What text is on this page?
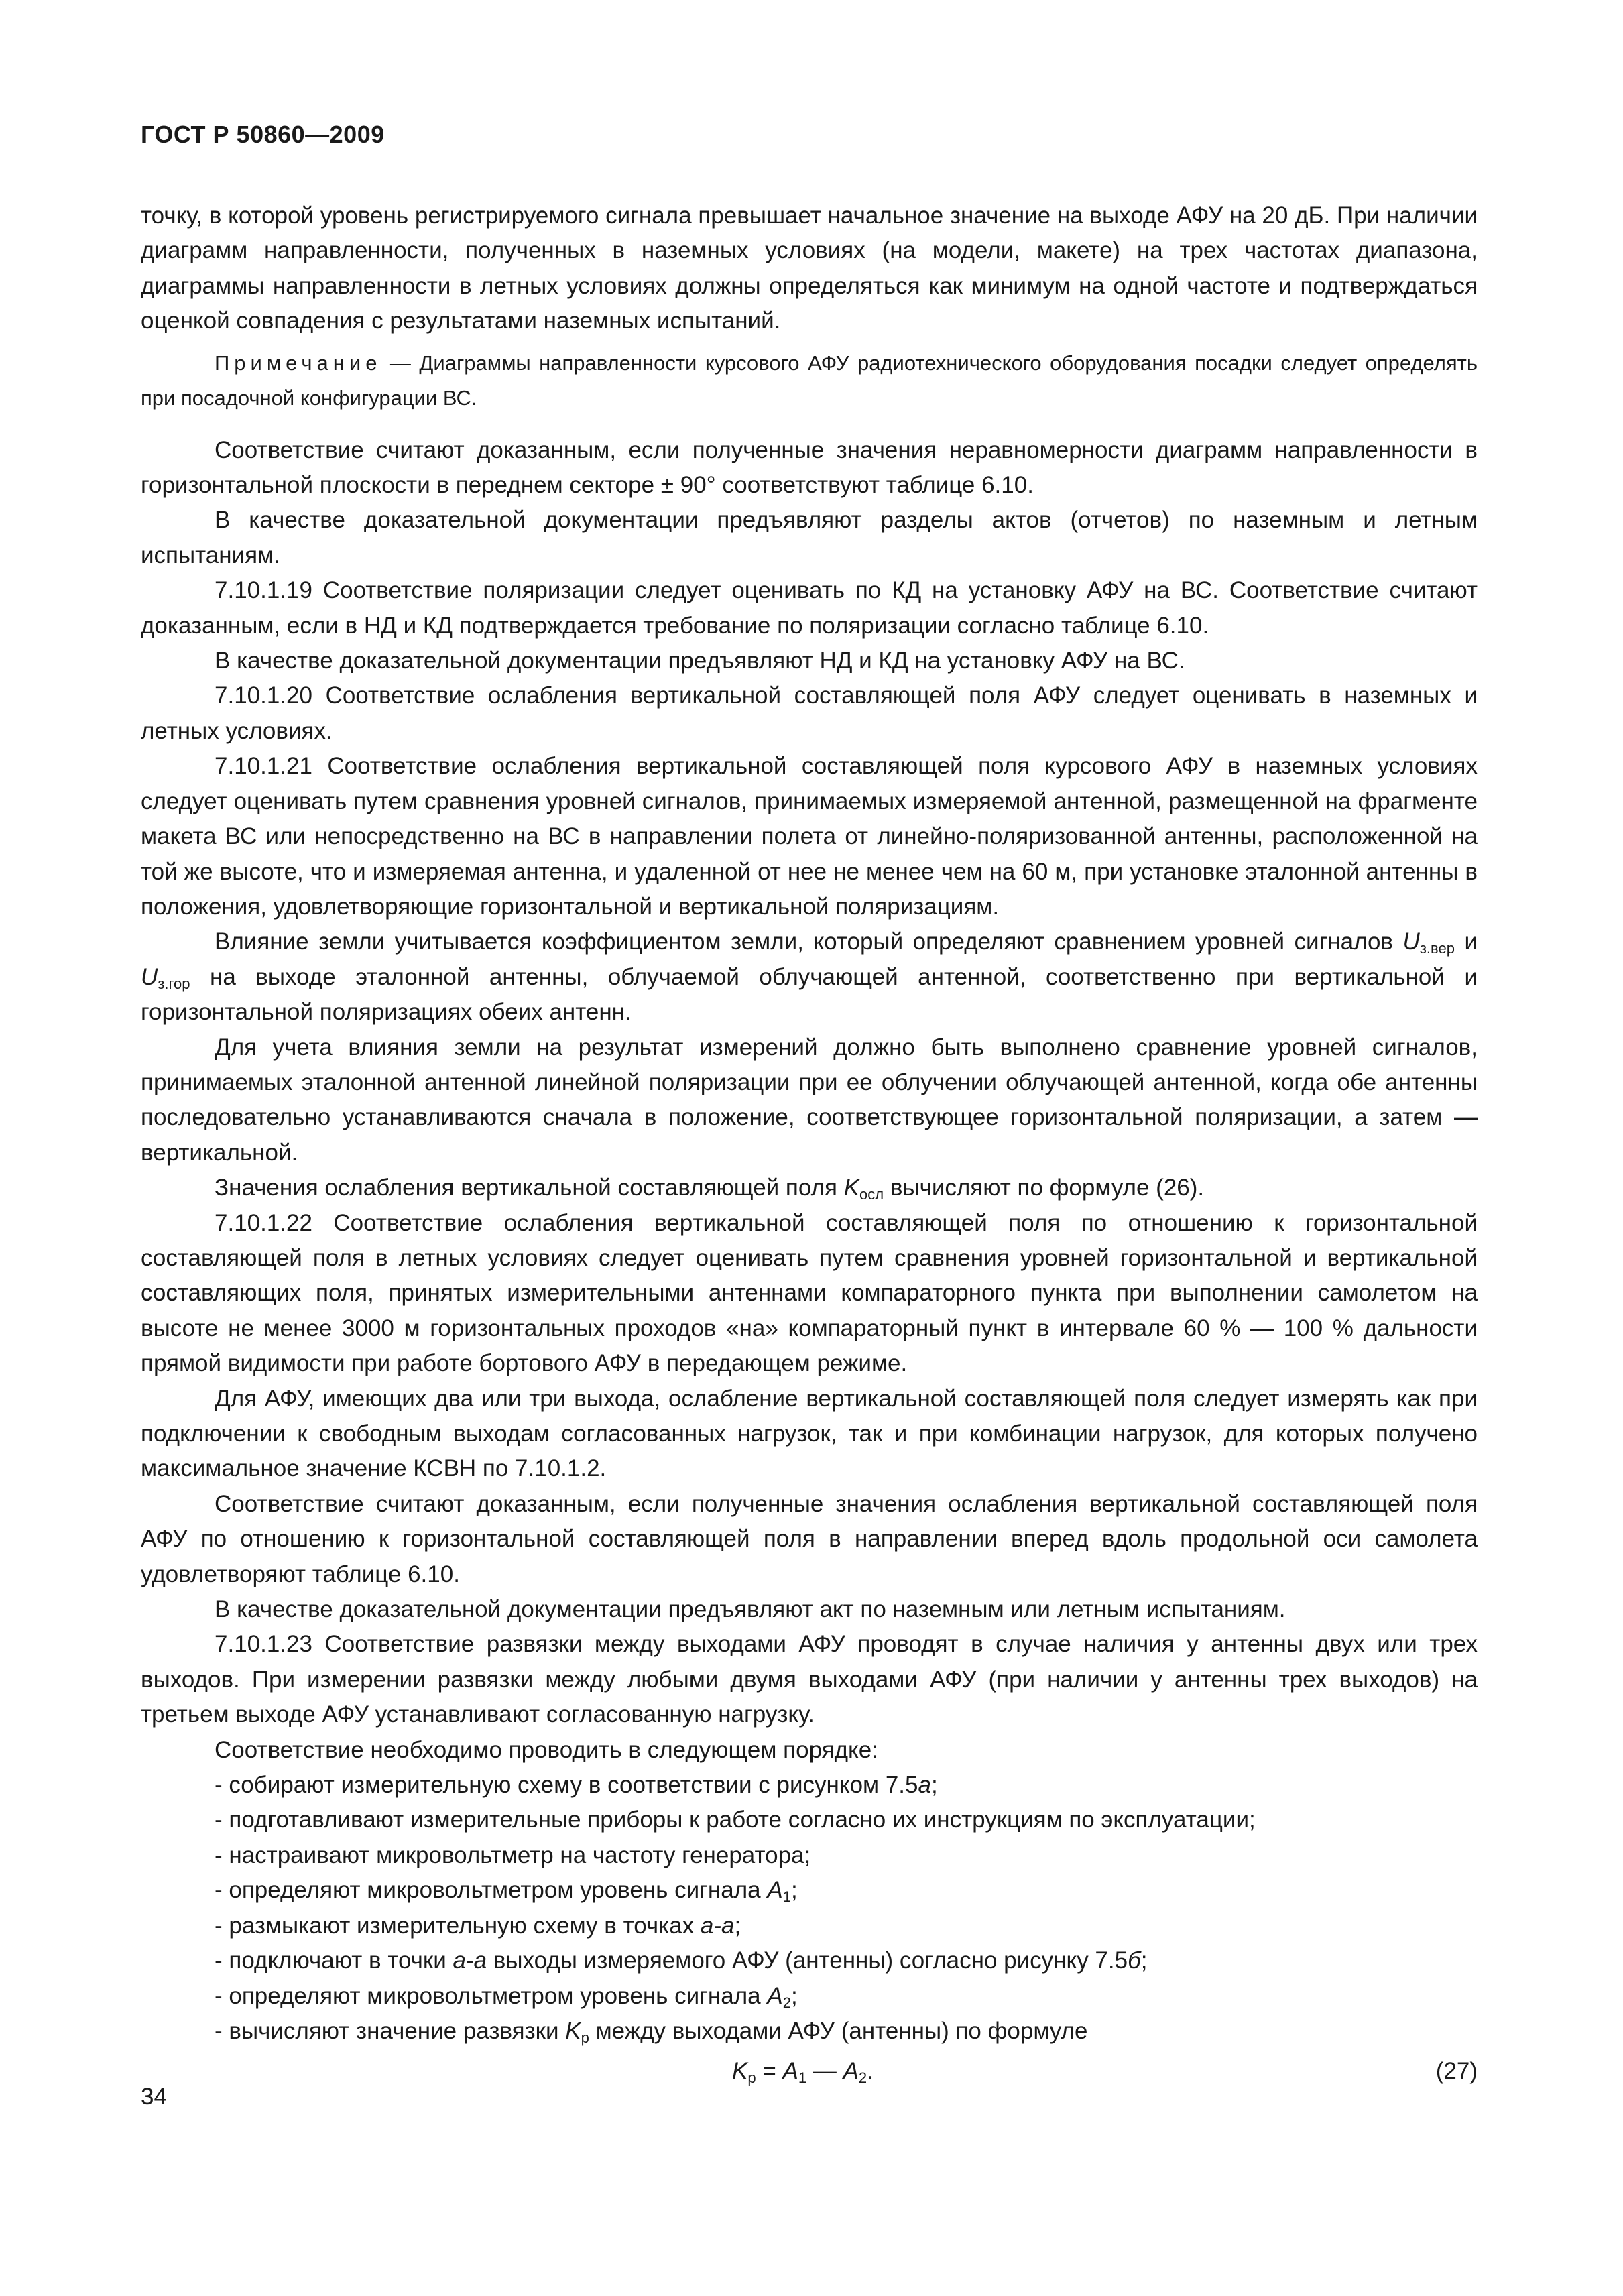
ГОСТ Р 50860—2009

точку, в которой уровень регистрируемого сигнала превышает начальное значение на выходе АФУ на 20 дБ. При наличии диаграмм направленности, полученных в наземных условиях (на модели, макете) на трех частотах диапазона, диаграммы направленности в летных условиях должны определяться как минимум на одной частоте и подтверждаться оценкой совпадения с результатами наземных испытаний.

Примечание — Диаграммы направленности курсового АФУ радиотехнического оборудования посадки следует определять при посадочной конфигурации ВС.

Соответствие считают доказанным, если полученные значения неравномерности диаграмм направленности в горизонтальной плоскости в переднем секторе ± 90° соответствуют таблице 6.10.

В качестве доказательной документации предъявляют разделы актов (отчетов) по наземным и летным испытаниям.

7.10.1.19 Соответствие поляризации следует оценивать по КД на установку АФУ на ВС. Соответствие считают доказанным, если в НД и КД подтверждается требование по поляризации согласно таблице 6.10.

В качестве доказательной документации предъявляют НД и КД на установку АФУ на ВС.

7.10.1.20 Соответствие ослабления вертикальной составляющей поля АФУ следует оценивать в наземных и летных условиях.

7.10.1.21 Соответствие ослабления вертикальной составляющей поля курсового АФУ в наземных условиях следует оценивать путем сравнения уровней сигналов, принимаемых измеряемой антенной, размещенной на фрагменте макета ВС или непосредственно на ВС в направлении полета от линейно-поляризованной антенны, расположенной на той же высоте, что и измеряемая антенна, и удаленной от нее не менее чем на 60 м, при установке эталонной антенны в положения, удовлетворяющие горизонтальной и вертикальной поляризациям.

Влияние земли учитывается коэффициентом земли, который определяют сравнением уровней сигналов $U_{з.вер}$ и $U_{з.гор}$ на выходе эталонной антенны, облучаемой облучающей антенной, соответственно при вертикальной и горизонтальной поляризациях обеих антенн.

Для учета влияния земли на результат измерений должно быть выполнено сравнение уровней сигналов, принимаемых эталонной антенной линейной поляризации при ее облучении облучающей антенной, когда обе антенны последовательно устанавливаются сначала в положение, соответствующее горизонтальной поляризации, а затем — вертикальной.

Значения ослабления вертикальной составляющей поля $K_{осл}$ вычисляют по формуле (26).

7.10.1.22 Соответствие ослабления вертикальной составляющей поля по отношению к горизонтальной составляющей поля в летных условиях следует оценивать путем сравнения уровней горизонтальной и вертикальной составляющих поля, принятых измерительными антеннами компараторного пункта при выполнении самолетом на высоте не менее 3000 м горизонтальных проходов «на» компараторный пункт в интервале 60 % — 100 % дальности прямой видимости при работе бортового АФУ в передающем режиме.

Для АФУ, имеющих два или три выхода, ослабление вертикальной составляющей поля следует измерять как при подключении к свободным выходам согласованных нагрузок, так и при комбинации нагрузок, для которых получено максимальное значение КСВН по 7.10.1.2.

Соответствие считают доказанным, если полученные значения ослабления вертикальной составляющей поля АФУ по отношению к горизонтальной составляющей поля в направлении вперед вдоль продольной оси самолета удовлетворяют таблице 6.10.

В качестве доказательной документации предъявляют акт по наземным или летным испытаниям.

7.10.1.23 Соответствие развязки между выходами АФУ проводят в случае наличия у антенны двух или трех выходов. При измерении развязки между любыми двумя выходами АФУ (при наличии у антенны трех выходов) на третьем выходе АФУ устанавливают согласованную нагрузку.

Соответствие необходимо проводить в следующем порядке:

- собирают измерительную схему в соответствии с рисунком 7.5а;

- подготавливают измерительные приборы к работе согласно их инструкциям по эксплуатации;

- настраивают микровольтметр на частоту генератора;

- определяют микровольтметром уровень сигнала $A_1$;

- размыкают измерительную схему в точках а-а;

- подключают в точки а-а выходы измеряемого АФУ (антенны) согласно рисунку 7.5б;

- определяют микровольтметром уровень сигнала $A_2$;

- вычисляют значение развязки $K_р$ между выходами АФУ (антенны) по формуле

$K_р = A_1$ — $A_2$.	(27)
34
